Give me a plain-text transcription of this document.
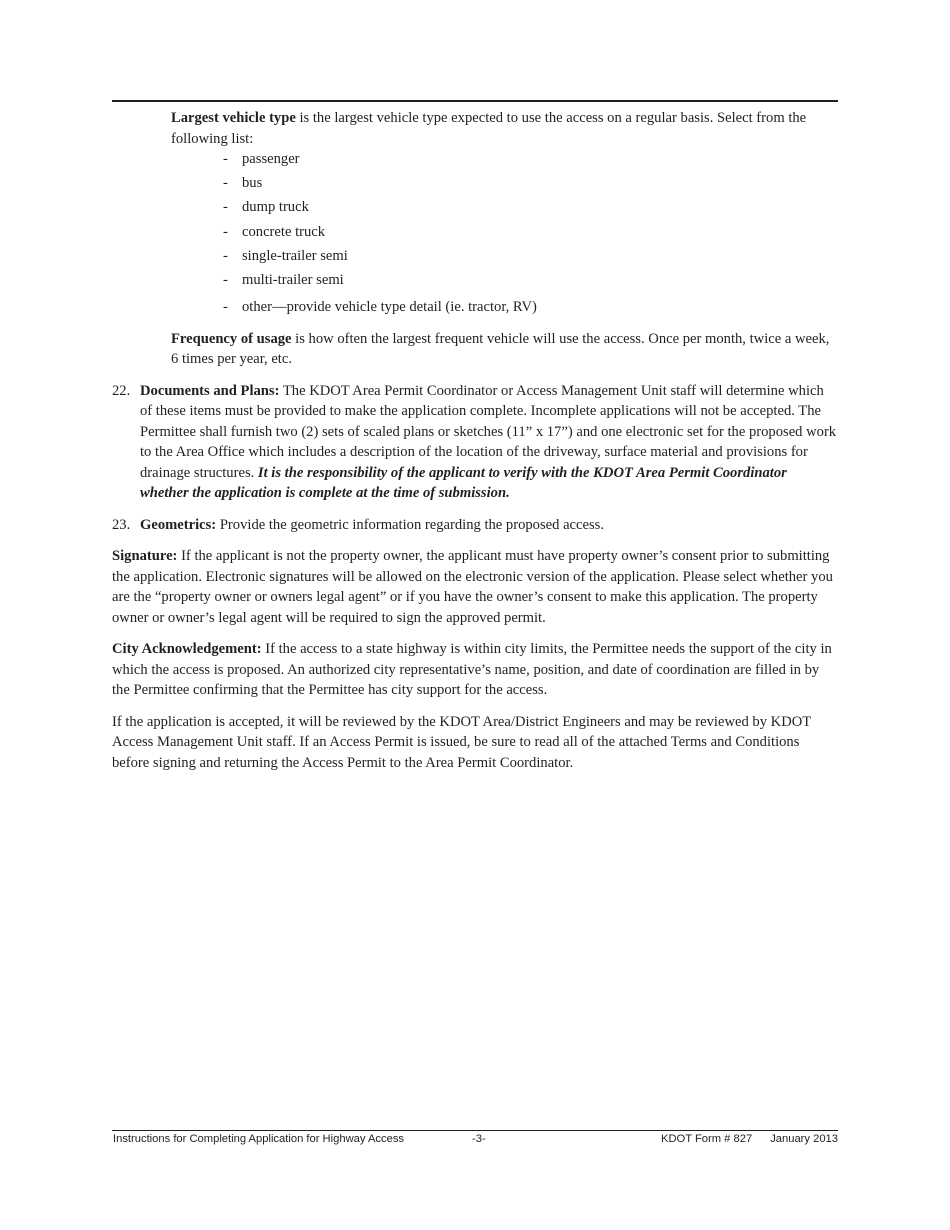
Largest vehicle type is the largest vehicle type expected to use the access on a regular basis. Select from the following list:

- passenger
- bus
- dump truck
- concrete truck
- single-trailer semi
- multi-trailer semi
- other—provide vehicle type detail (ie. tractor, RV)

Frequency of usage is how often the largest frequent vehicle will use the access. Once per month, twice a week, 6 times per year, etc.

22. Documents and Plans: The KDOT Area Permit Coordinator or Access Management Unit staff will determine which of these items must be provided to make the application complete. Incomplete applications will not be accepted. The Permittee shall furnish two (2) sets of scaled plans or sketches (11” x 17”) and one electronic set for the proposed work to the Area Office which includes a description of the location of the driveway, surface material and provisions for drainage structures. It is the responsibility of the applicant to verify with the KDOT Area Permit Coordinator whether the application is complete at the time of submission.

23. Geometrics: Provide the geometric information regarding the proposed access.

Signature: If the applicant is not the property owner, the applicant must have property owner’s consent prior to submitting the application. Electronic signatures will be allowed on the electronic version of the application. Please select whether you are the “property owner or owners legal agent” or if you have the owner’s consent to make this application. The property owner or owner’s legal agent will be required to sign the approved permit.

City Acknowledgement: If the access to a state highway is within city limits, the Permittee needs the support of the city in which the access is proposed. An authorized city representative’s name, position, and date of coordination are filled in by the Permittee confirming that the Permittee has city support for the access.

If the application is accepted, it will be reviewed by the KDOT Area/District Engineers and may be reviewed by KDOT Access Management Unit staff. If an Access Permit is issued, be sure to read all of the attached Terms and Conditions before signing and returning the Access Permit to the Area Permit Coordinator.

Instructions for Completing Application for Highway Access	-3-	KDOT Form # 827 January 2013
